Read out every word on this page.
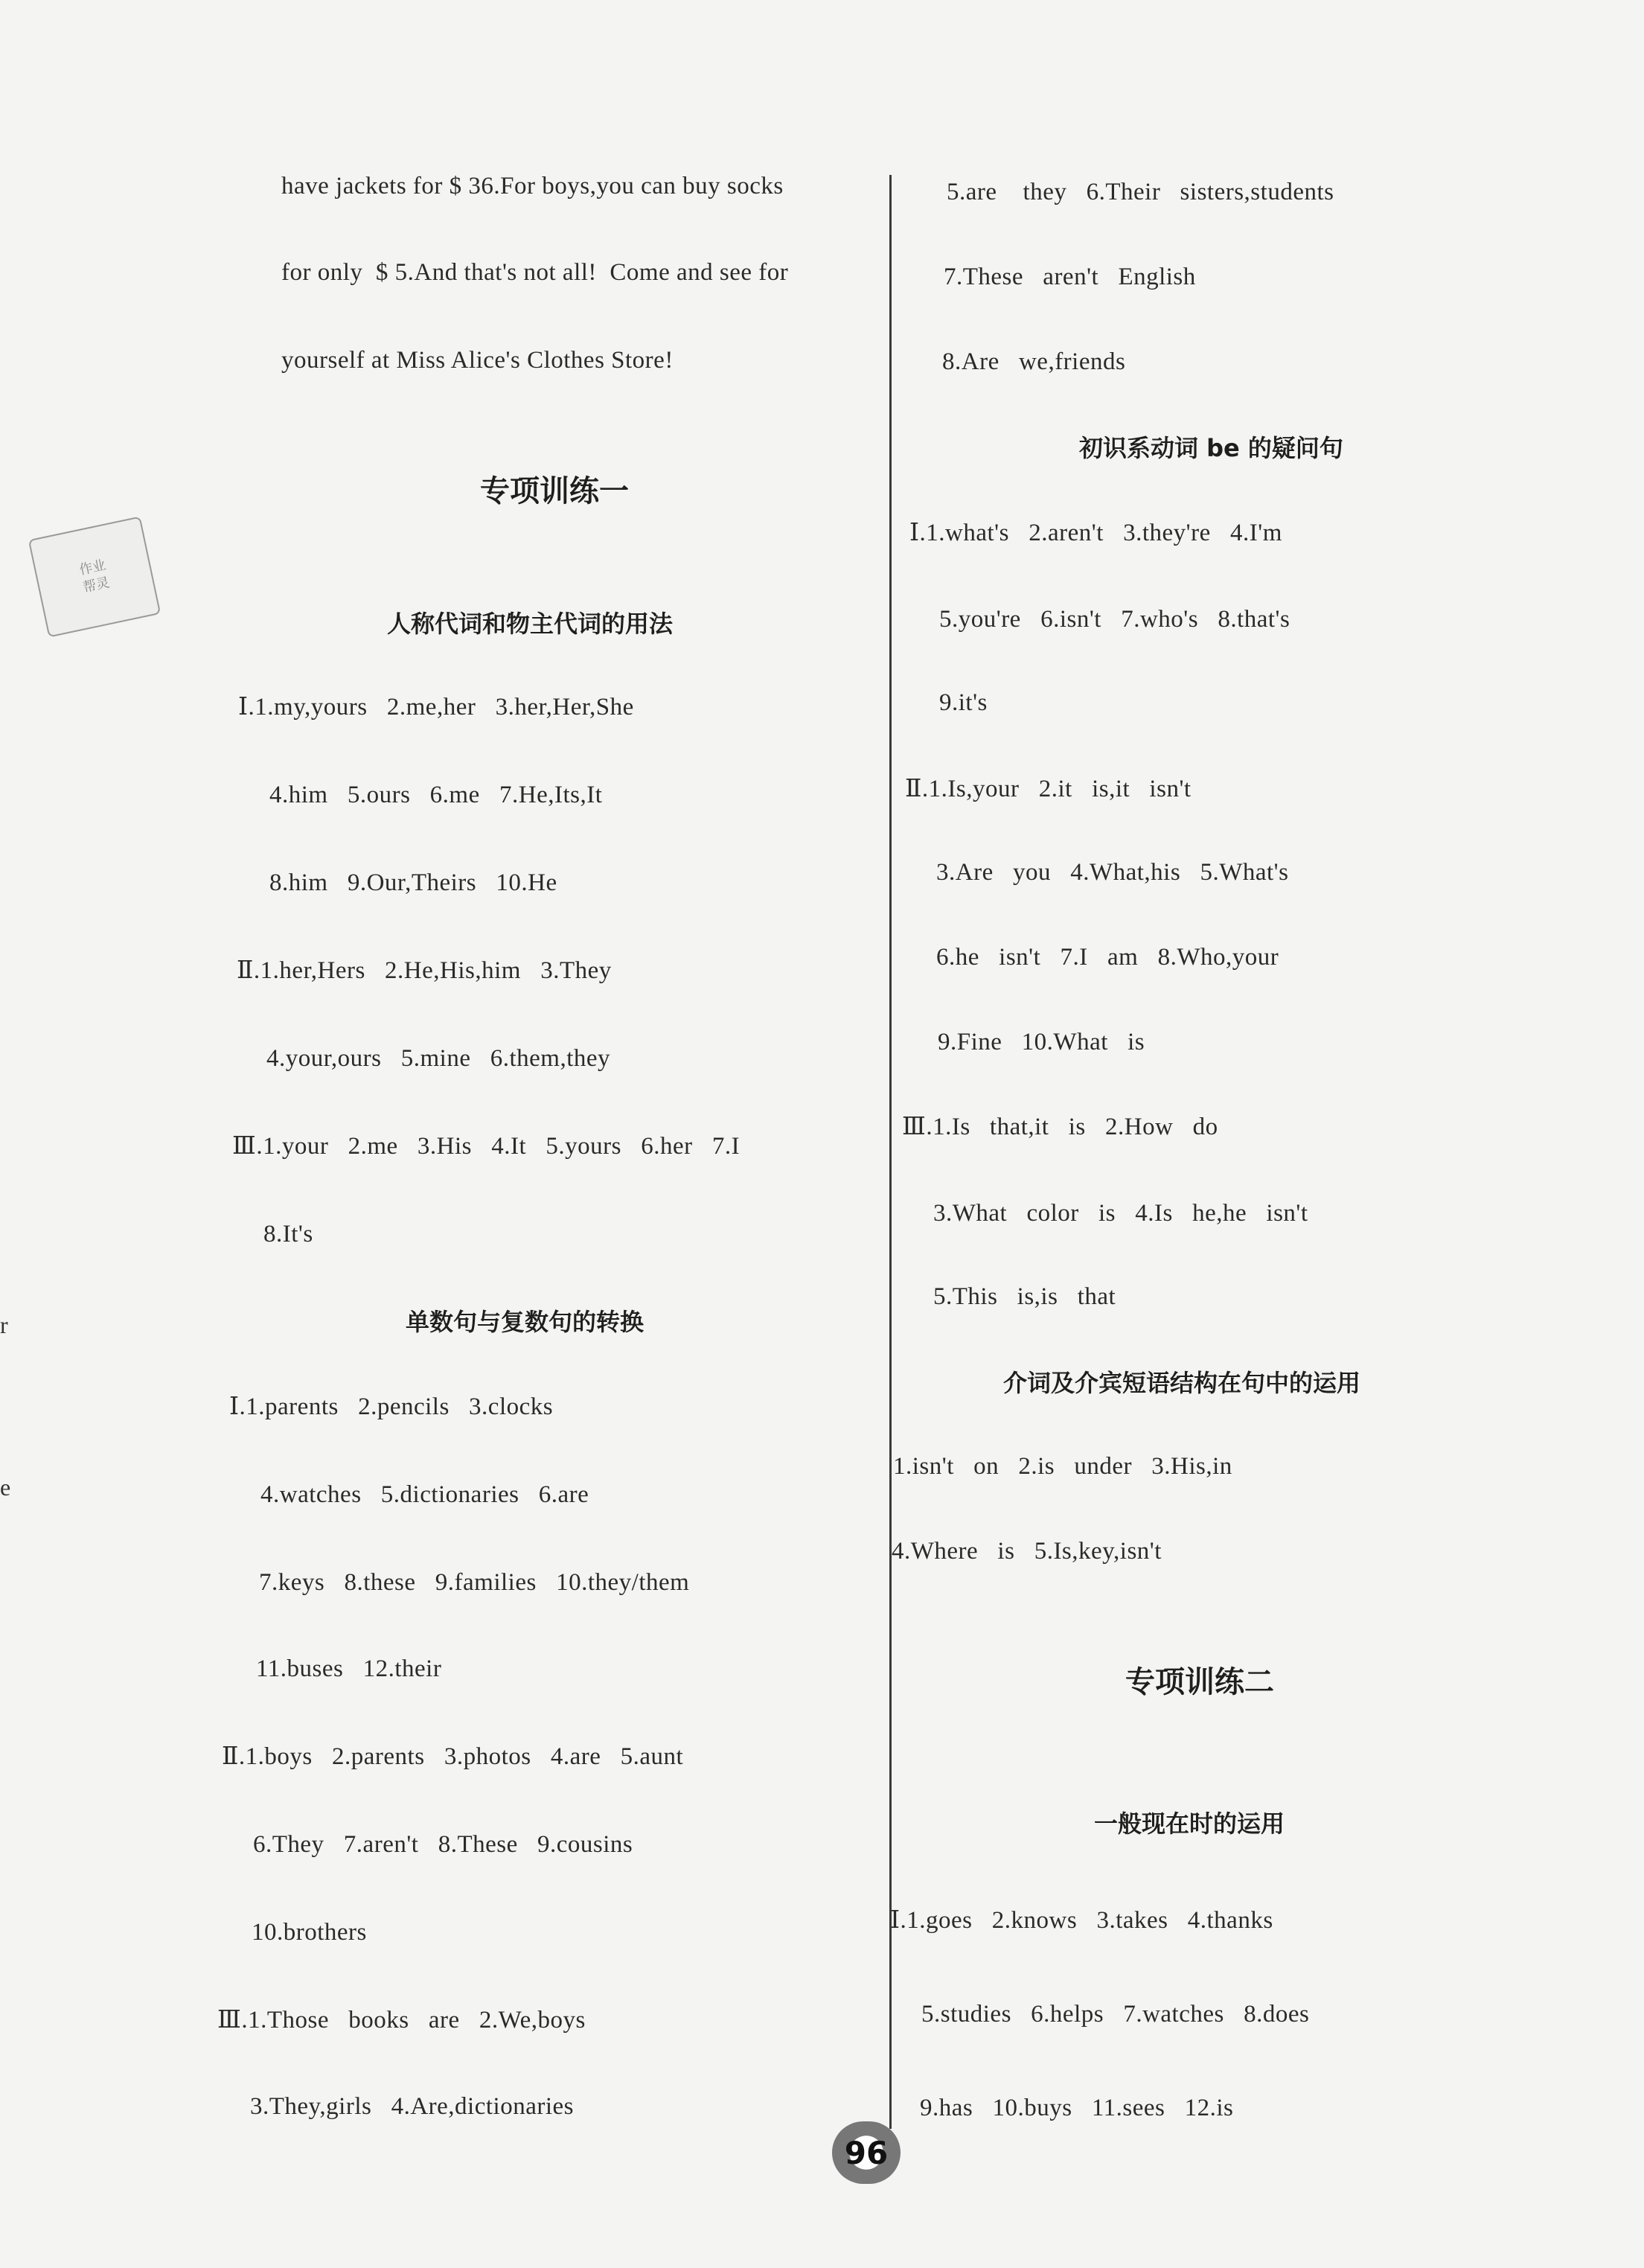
作业
帮灵
r
e
have jackets for $ 36.For boys,you can buy socks
for only  $ 5.And that's not all!  Come and see for
yourself at Miss Alice's Clothes Store!
专项训练一
人称代词和物主代词的用法
Ⅰ.1.my,yours   2.me,her   3.her,Her,She
4.him   5.ours   6.me   7.He,Its,It
8.him   9.Our,Theirs   10.He
Ⅱ.1.her,Hers   2.He,His,him   3.They
4.your,ours   5.mine   6.them,they
Ⅲ.1.your   2.me   3.His   4.It   5.yours   6.her   7.I
8.It's
单数句与复数句的转换
Ⅰ.1.parents   2.pencils   3.clocks
4.watches   5.dictionaries   6.are
7.keys   8.these   9.families   10.they/them
11.buses   12.their
Ⅱ.1.boys   2.parents   3.photos   4.are   5.aunt
6.They   7.aren't   8.These   9.cousins
10.brothers
Ⅲ.1.Those   books   are   2.We,boys
3.They,girls   4.Are,dictionaries
5.are    they   6.Their   sisters,students
7.These   aren't   English
8.Are   we,friends
初识系动词 be 的疑问句
Ⅰ.1.what's   2.aren't   3.they're   4.I'm
5.you're   6.isn't   7.who's   8.that's
9.it's
Ⅱ.1.Is,your   2.it   is,it   isn't
3.Are   you   4.What,his   5.What's
6.he   isn't   7.I   am   8.Who,your
9.Fine   10.What   is
Ⅲ.1.Is   that,it   is   2.How   do
3.What   color   is   4.Is   he,he   isn't
5.This   is,is   that
介词及介宾短语结构在句中的运用
1.isn't   on   2.is   under   3.His,in
4.Where   is   5.Is,key,isn't
专项训练二
一般现在时的运用
Ⅰ.1.goes   2.knows   3.takes   4.thanks
5.studies   6.helps   7.watches   8.does
9.has   10.buys   11.sees   12.is
96
